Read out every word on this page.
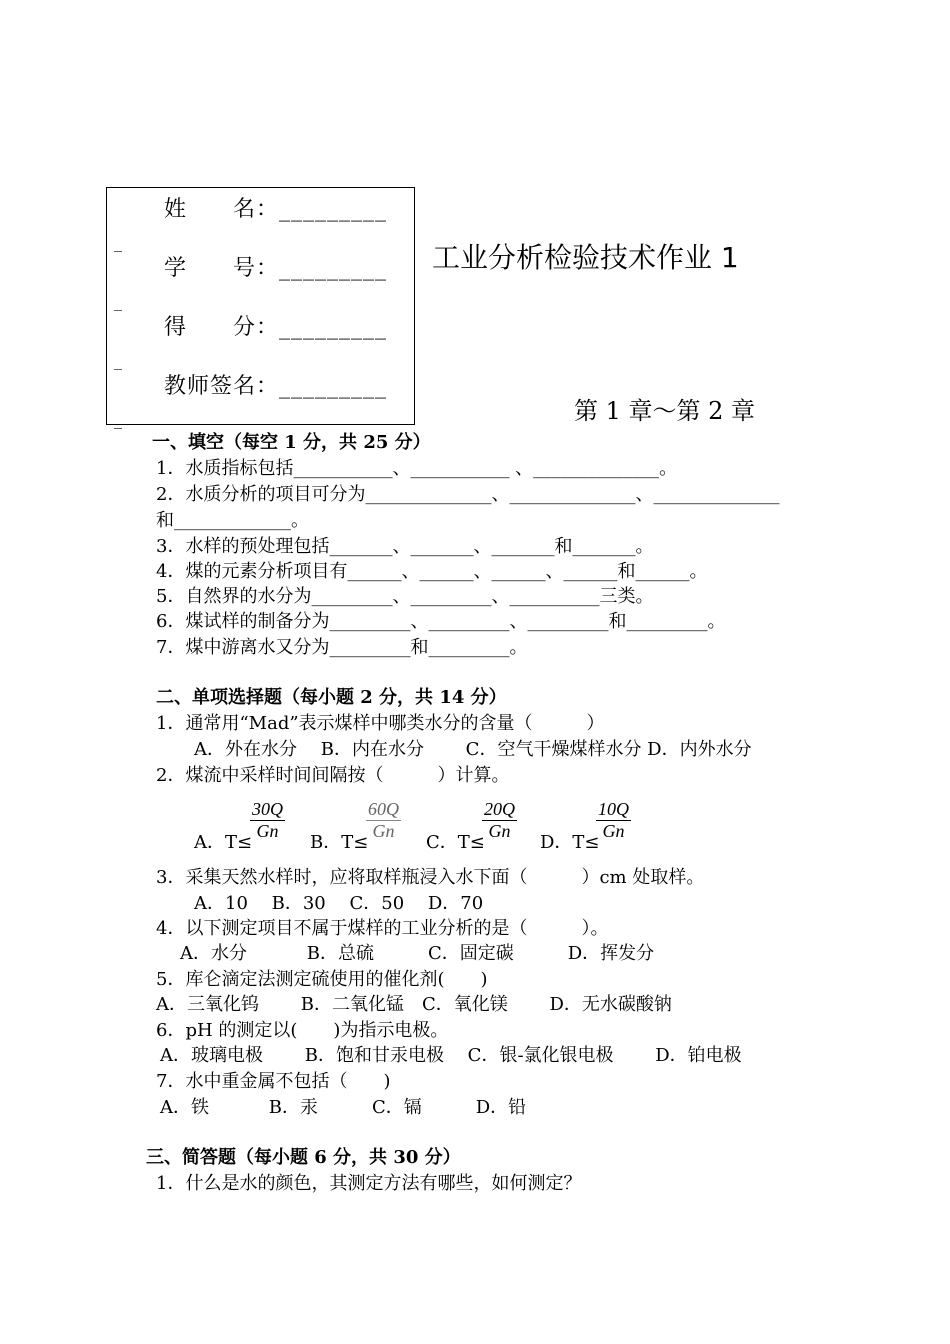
姓　　名：_________
学　　号：_________
得　　分：_________
教师签名：_________
_
_
_
_
工业分析检验技术作业 1
第 1 章～第 2 章
一、填空（每空 1 分，共 25 分）
1．水质指标包括___________、___________ 、______________。
2．水质分析的项目可分为______________、______________、______________
和_____________。
3．水样的预处理包括_______、_______、_______和_______。
4．煤的元素分析项目有______、______、______、______和______。
5．自然界的水分为_________、_________、__________三类。
6．煤试样的制备分为_________、_________、_________和_________。
7．煤中游离水又分为_________和_________。
二、单项选择题（每小题 2 分，共 14 分）
1．通常用“Mad”表示煤样中哪类水分的含量（　　　）
A．外在水分　 B．内在水分　　 C．空气干燥煤样水分 D．内外水分
2．煤流中采样时间间隔按（　　　）计算。
A．T≤
$\frac{30Q}{Gn}$
B．T≤
$\frac{60Q}{Gn}$
C．T≤
$\frac{20Q}{Gn}$
D．T≤
$\frac{10Q}{Gn}$
3．采集天然水样时，应将取样瓶浸入水下面（　　　）cm 处取样。
A．10　 B．30　 C．50　 D．70
4．以下测定项目不属于煤样的工业分析的是（　　　）。
A．水分　　　 B．总硫　　　C．固定碳　　　D．挥发分
5．库仑滴定法测定硫使用的催化剂(　　)
A．三氧化钨　　 B．二氧化锰　C．氧化镁　　 D．无水碳酸钠
6．pH 的测定以(　　)为指示电极。
A．玻璃电极　　 B．饱和甘汞电极　 C．银-氯化银电极　　 D．铂电极
7．水中重金属不包括（　　)
A．铁　　　 B．汞　　　C．镉　　　D．铅
三、简答题（每小题 6 分，共 30 分）
1．什么是水的颜色，其测定方法有哪些，如何测定？
